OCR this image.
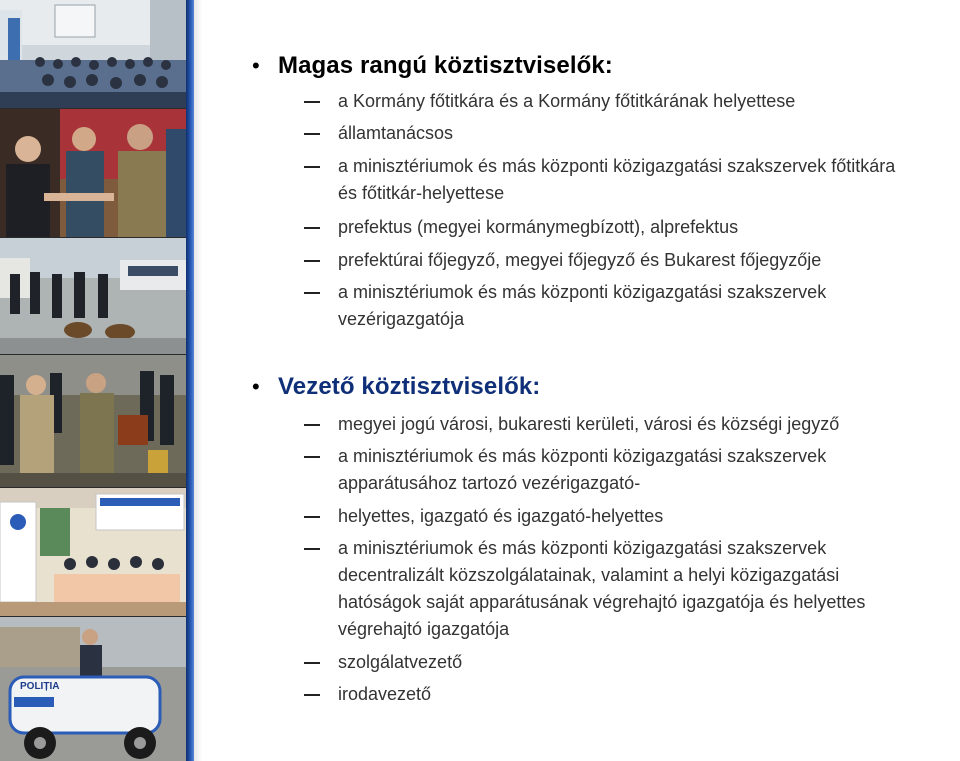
POLIȚIA
• Magas rangú köztisztviselők:
a Kormány főtitkára és a Kormány főtitkárának helyettese
államtanácsos
a minisztériumok és más központi közigazgatási szakszervek főtitkára
és főtitkár-helyettese
prefektus (megyei kormánymegbízott), alprefektus
prefektúrai főjegyző, megyei főjegyző és Bukarest főjegyzője
a minisztériumok és más központi közigazgatási szakszervek
vezérigazgatója
• Vezető köztisztviselők:
megyei jogú városi, bukaresti kerületi, városi és községi jegyző
a minisztériumok és más központi közigazgatási szakszervek
apparátusához tartozó vezérigazgató-
helyettes, igazgató és igazgató-helyettes
a minisztériumok és más központi közigazgatási szakszervek
decentralizált közszolgálatainak, valamint a helyi közigazgatási
hatóságok saját apparátusának végrehajtó igazgatója és helyettes
végrehajtó igazgatója
szolgálatvezető
irodavezető
